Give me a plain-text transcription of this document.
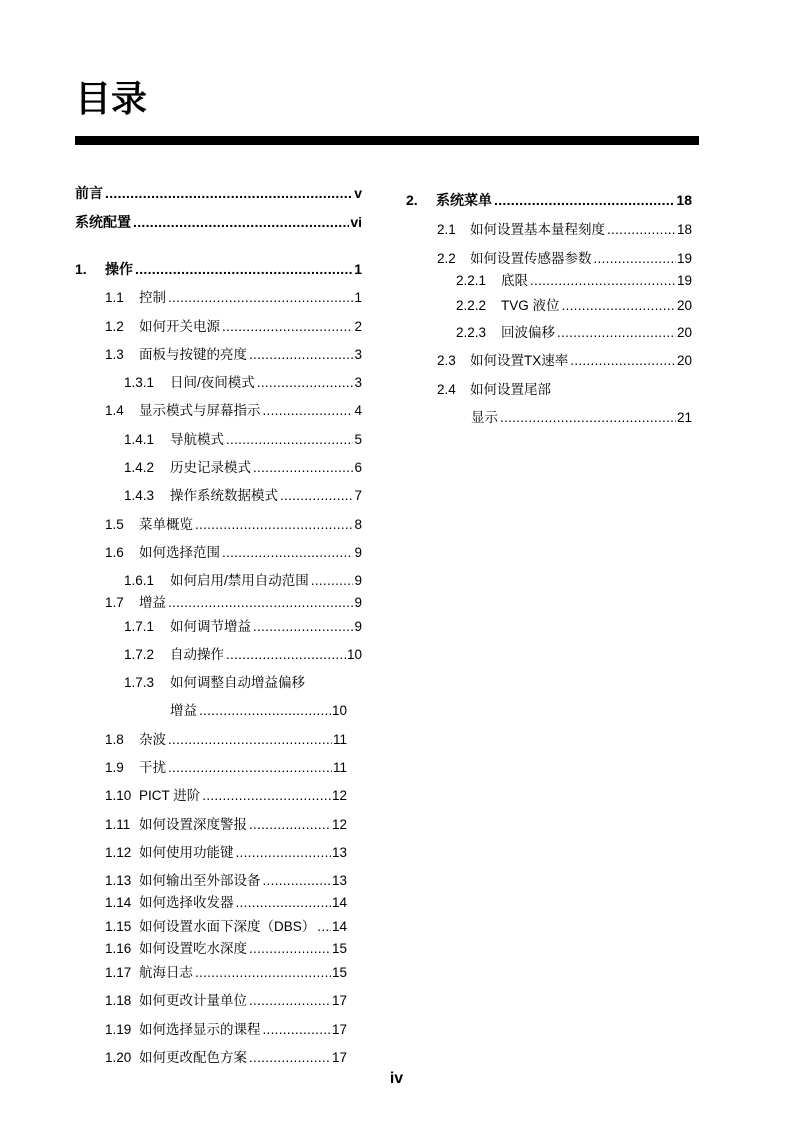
目录
前言 .....	v
系统配置 .....	vi
1.	操作 .....	1
1.1	控制 .....	1
1.2	如何开关电源 .....	2
1.3	面板与按键的亮度 .....	3
1.3.1	日间/夜间模式 .....	3
1.4	显示模式与屏幕指示 .....	4
1.4.1	导航模式 .....	5
1.4.2	历史记录模式 .....	6
1.4.3	操作系统数据模式 .....	7
1.5	菜单概览 .....	8
1.6	如何选择范围 .....	9
1.6.1	如何启用/禁用自动范围 .....	9
1.7	增益 .....	9
1.7.1	如何调节增益 .....	9
1.7.2	自动操作 .....	10
1.7.3	如何调整自动增益偏移
增益 .....	10
1.8	杂波 .....	11
1.9	干扰 .....	11
1.10 PICT 进阶 .....	12
1.11 如何设置深度警报 .....	12
1.12 如何使用功能键 .....	13
1.13 如何输出至外部设备 .....	13
1.14 如何选择收发器 .....	14
1.15 如何设置水面下深度（DBS） ..... 14
1.16 如何设置吃水深度 .....	15
1.17 航海日志 .....	15
1.18 如何更改计量单位 .....	17
1.19 如何选择显示的课程 .....	17
1.20 如何更改配色方案 .....	17
2.	系统菜单 .....	18
2.1	如何设置基本量程刻度 .....	18
2.2	如何设置传感器参数 .....	19
2.2.1	底限 .....	19
2.2.2	TVG 液位 .....	20
2.2.3	回波偏移 .....	20
2.3	如何设置TX速率 .....	20
2.4	如何设置尾部
显示 .....	21
iv
